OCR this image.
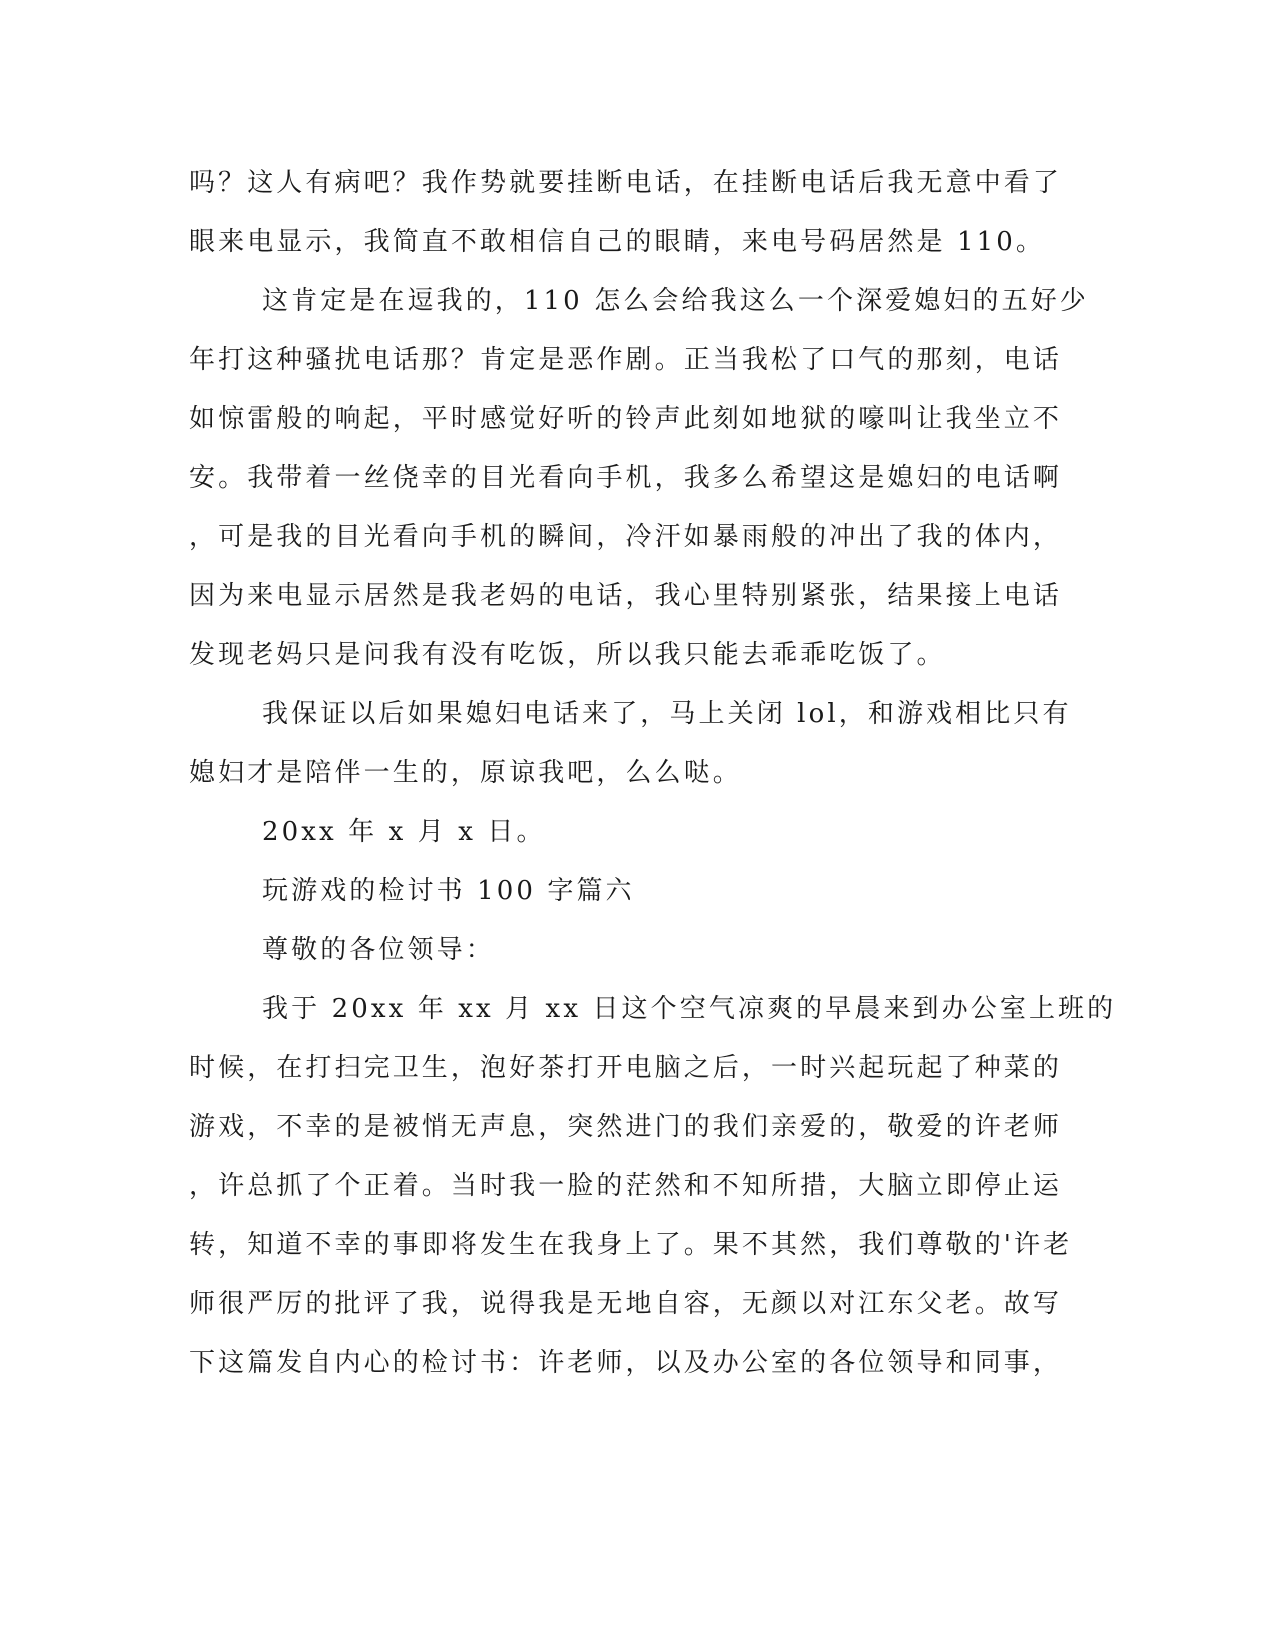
吗？这人有病吧？我作势就要挂断电话，在挂断电话后我无意中看了
眼来电显示，我简直不敢相信自己的眼睛，来电号码居然是 110。
这肯定是在逗我的，110 怎么会给我这么一个深爱媳妇的五好少
年打这种骚扰电话那？肯定是恶作剧。正当我松了口气的那刻，电话
如惊雷般的响起，平时感觉好听的铃声此刻如地狱的嚎叫让我坐立不
安。我带着一丝侥幸的目光看向手机，我多么希望这是媳妇的电话啊
，可是我的目光看向手机的瞬间，冷汗如暴雨般的冲出了我的体内，
因为来电显示居然是我老妈的电话，我心里特别紧张，结果接上电话
发现老妈只是问我有没有吃饭，所以我只能去乖乖吃饭了。
我保证以后如果媳妇电话来了，马上关闭 lol，和游戏相比只有
媳妇才是陪伴一生的，原谅我吧，么么哒。
20xx 年 x 月 x 日。
玩游戏的检讨书 100 字篇六
尊敬的各位领导：
我于 20xx 年 xx 月 xx 日这个空气凉爽的早晨来到办公室上班的
时候，在打扫完卫生，泡好茶打开电脑之后，一时兴起玩起了种菜的
游戏，不幸的是被悄无声息，突然进门的我们亲爱的，敬爱的许老师
，许总抓了个正着。当时我一脸的茫然和不知所措，大脑立即停止运
转，知道不幸的事即将发生在我身上了。果不其然，我们尊敬的'许老
师很严厉的批评了我，说得我是无地自容，无颜以对江东父老。故写
下这篇发自内心的检讨书：许老师，以及办公室的各位领导和同事，
